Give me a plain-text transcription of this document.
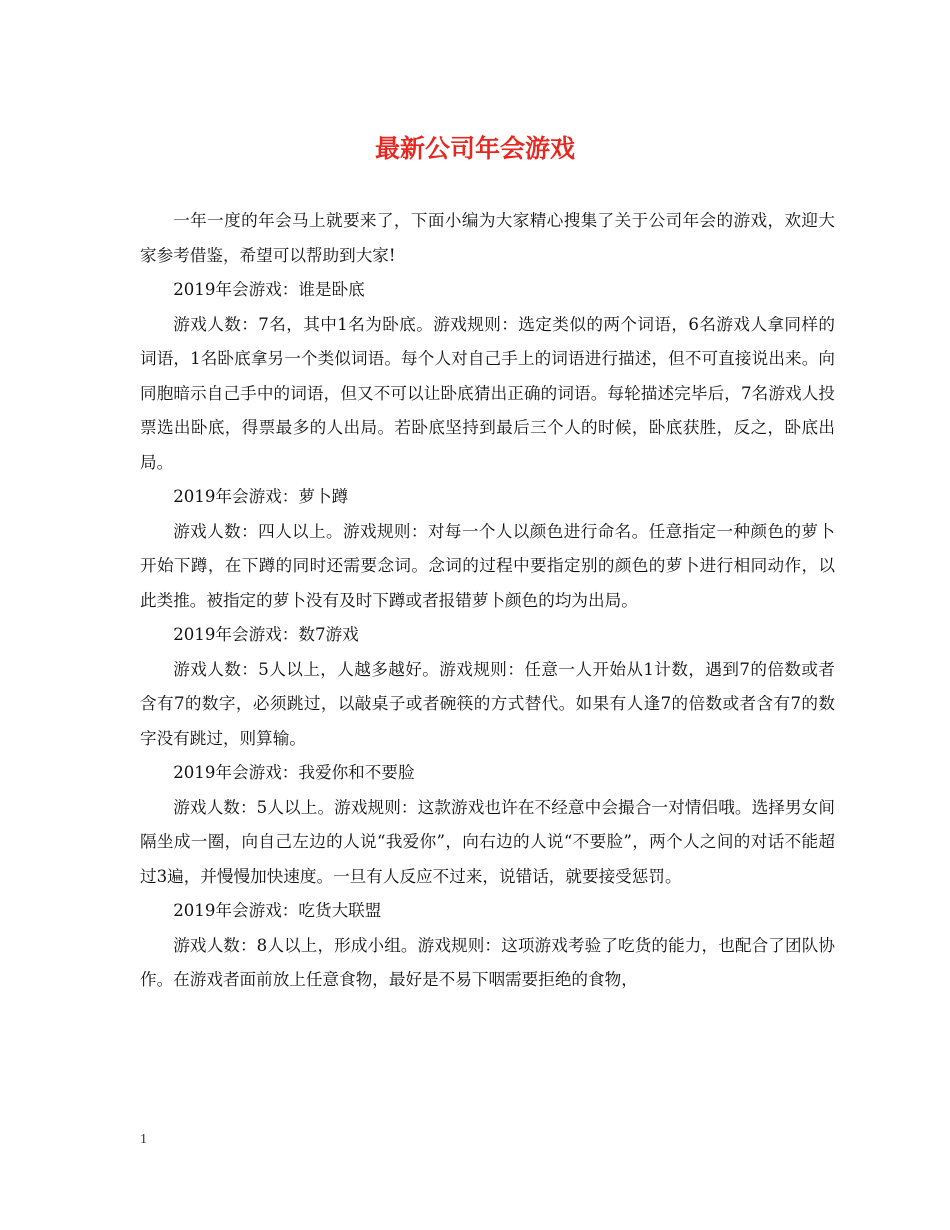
最新公司年会游戏

一年一度的年会马上就要来了，下面小编为大家精心搜集了关于公司年会的游戏，欢迎大家参考借鉴，希望可以帮助到大家!

2019年会游戏：谁是卧底

游戏人数：7名，其中1名为卧底。游戏规则：选定类似的两个词语，6名游戏人拿同样的词语，1名卧底拿另一个类似词语。每个人对自己手上的词语进行描述，但不可直接说出来。向同胞暗示自己手中的词语，但又不可以让卧底猜出正确的词语。每轮描述完毕后，7名游戏人投票选出卧底，得票最多的人出局。若卧底坚持到最后三个人的时候，卧底获胜，反之，卧底出局。

2019年会游戏：萝卜蹲

游戏人数：四人以上。游戏规则：对每一个人以颜色进行命名。任意指定一种颜色的萝卜开始下蹲，在下蹲的同时还需要念词。念词的过程中要指定别的颜色的萝卜进行相同动作，以此类推。被指定的萝卜没有及时下蹲或者报错萝卜颜色的均为出局。

2019年会游戏：数7游戏

游戏人数：5人以上，人越多越好。游戏规则：任意一人开始从1计数，遇到7的倍数或者含有7的数字，必须跳过，以敲桌子或者碗筷的方式替代。如果有人逢7的倍数或者含有7的数字没有跳过，则算输。

2019年会游戏：我爱你和不要脸

游戏人数：5人以上。游戏规则：这款游戏也许在不经意中会撮合一对情侣哦。选择男女间隔坐成一圈，向自己左边的人说“我爱你”，向右边的人说“不要脸”，两个人之间的对话不能超过3遍，并慢慢加快速度。一旦有人反应不过来，说错话，就要接受惩罚。

2019年会游戏：吃货大联盟

游戏人数：8人以上，形成小组。游戏规则：这项游戏考验了吃货的能力，也配合了团队协作。在游戏者面前放上任意食物，最好是不易下咽需要拒绝的食物，

1
